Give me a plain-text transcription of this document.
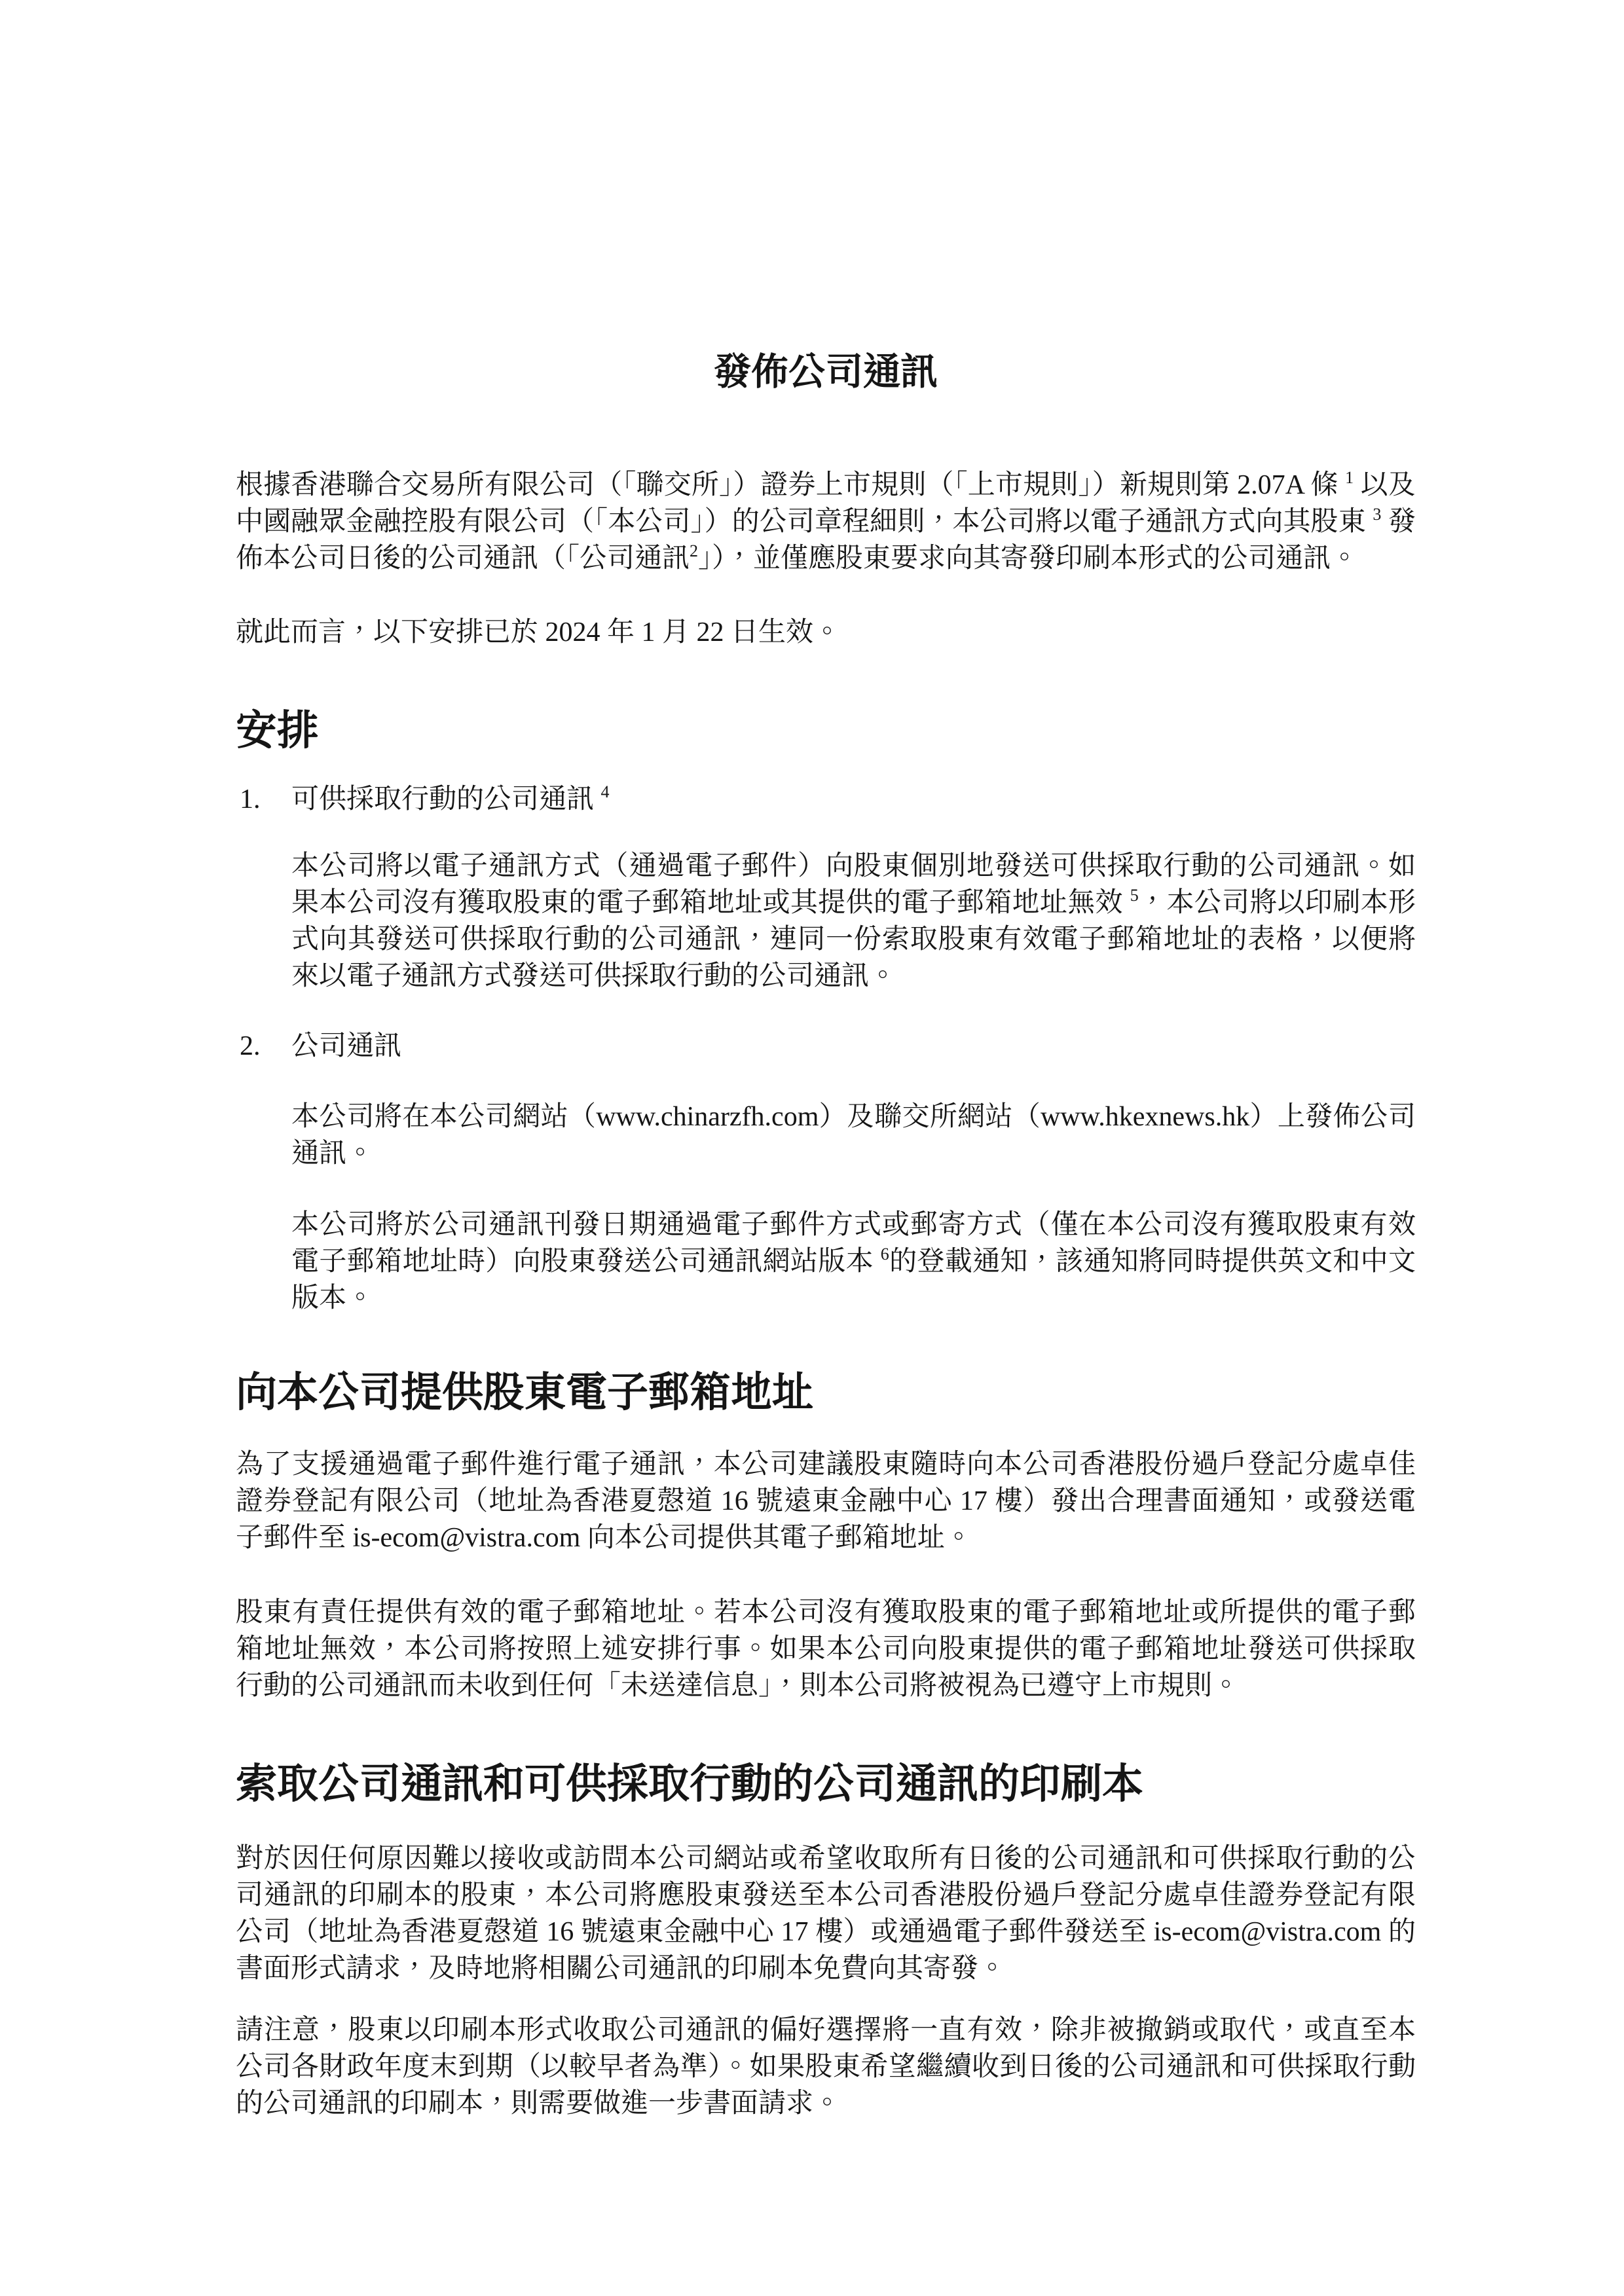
發佈公司通訊

根據香港聯合交易所有限公司（「聯交所」）證券上市規則（「上市規則」）新規則第 2.07A 條 $^1$ 以及中國融眾金融控股有限公司（「本公司」）的公司章程細則，本公司將以電子通訊方式向其股東 $^3$ 發佈本公司日後的公司通訊（「公司通訊$^2$」），並僅應股東要求向其寄發印刷本形式的公司通訊。

就此而言，以下安排已於 2024 年 1 月 22 日生效。

安排
1.	可供採取行動的公司通訊 $^4$

本公司將以電子通訊方式（通過電子郵件）向股東個別地發送可供採取行動的公司通訊。如果本公司沒有獲取股東的電子郵箱地址或其提供的電子郵箱地址無效 $^5$，本公司將以印刷本形式向其發送可供採取行動的公司通訊，連同一份索取股東有效電子郵箱地址的表格，以便將來以電子通訊方式發送可供採取行動的公司通訊。

2.	公司通訊

本公司將在本公司網站（www.chinarzfh.com）及聯交所網站（www.hkexnews.hk）上發佈公司通訊。

本公司將於公司通訊刊發日期通過電子郵件方式或郵寄方式（僅在本公司沒有獲取股東有效電子郵箱地址時）向股東發送公司通訊網站版本 $^6$的登載通知，該通知將同時提供英文和中文版本。

向本公司提供股東電子郵箱地址

為了支援通過電子郵件進行電子通訊，本公司建議股東隨時向本公司香港股份過戶登記分處卓佳證券登記有限公司（地址為香港夏慤道 16 號遠東金融中心 17 樓）發出合理書面通知，或發送電子郵件至 is-ecom@vistra.com 向本公司提供其電子郵箱地址。

股東有責任提供有效的電子郵箱地址。若本公司沒有獲取股東的電子郵箱地址或所提供的電子郵箱地址無效，本公司將按照上述安排行事。如果本公司向股東提供的電子郵箱地址發送可供採取行動的公司通訊而未收到任何「未送達信息」，則本公司將被視為已遵守上市規則。

索取公司通訊和可供採取行動的公司通訊的印刷本

對於因任何原因難以接收或訪問本公司網站或希望收取所有日後的公司通訊和可供採取行動的公司通訊的印刷本的股東，本公司將應股東發送至本公司香港股份過戶登記分處卓佳證券登記有限公司（地址為香港夏慤道 16 號遠東金融中心 17 樓）或通過電子郵件發送至 is-ecom@vistra.com 的書面形式請求，及時地將相關公司通訊的印刷本免費向其寄發。

請注意，股東以印刷本形式收取公司通訊的偏好選擇將一直有效，除非被撤銷或取代，或直至本公司各財政年度末到期（以較早者為準）。如果股東希望繼續收到日後的公司通訊和可供採取行動的公司通訊的印刷本，則需要做進一步書面請求。
